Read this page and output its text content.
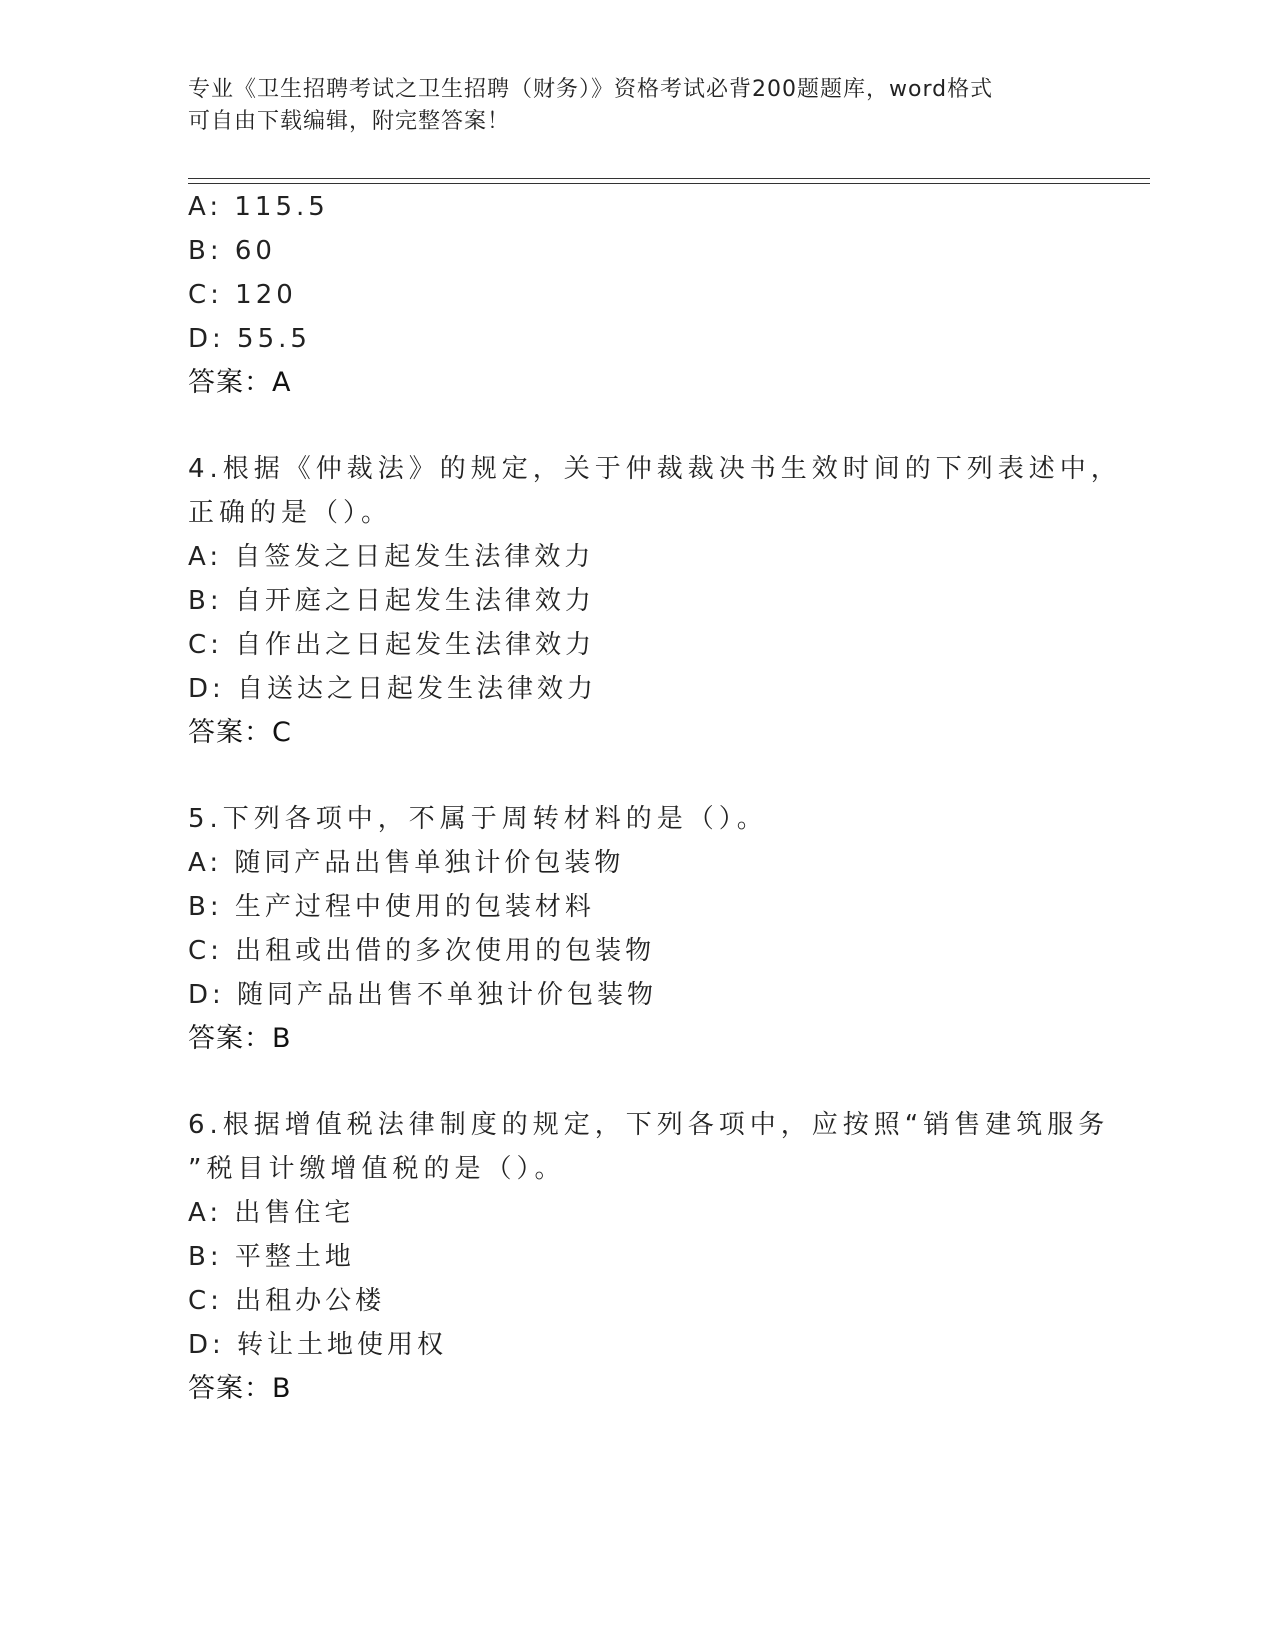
专业《卫生招聘考试之卫生招聘（财务）》资格考试必背200题题库，word格式
可自由下载编辑，附完整答案！
A: 115.5
B: 60
C: 120
D: 55.5
答案：A
4.根据《仲裁法》的规定，关于仲裁裁决书生效时间的下列表述中，
正确的是（）。
A: 自签发之日起发生法律效力
B: 自开庭之日起发生法律效力
C: 自作出之日起发生法律效力
D: 自送达之日起发生法律效力
答案：C
5.下列各项中，不属于周转材料的是（）。
A: 随同产品出售单独计价包装物
B: 生产过程中使用的包装材料
C: 出租或出借的多次使用的包装物
D: 随同产品出售不单独计价包装物
答案：B
6.根据增值税法律制度的规定，下列各项中，应按照“销售建筑服务
”税目计缴增值税的是（）。
A: 出售住宅
B: 平整土地
C: 出租办公楼
D: 转让土地使用权
答案：B
